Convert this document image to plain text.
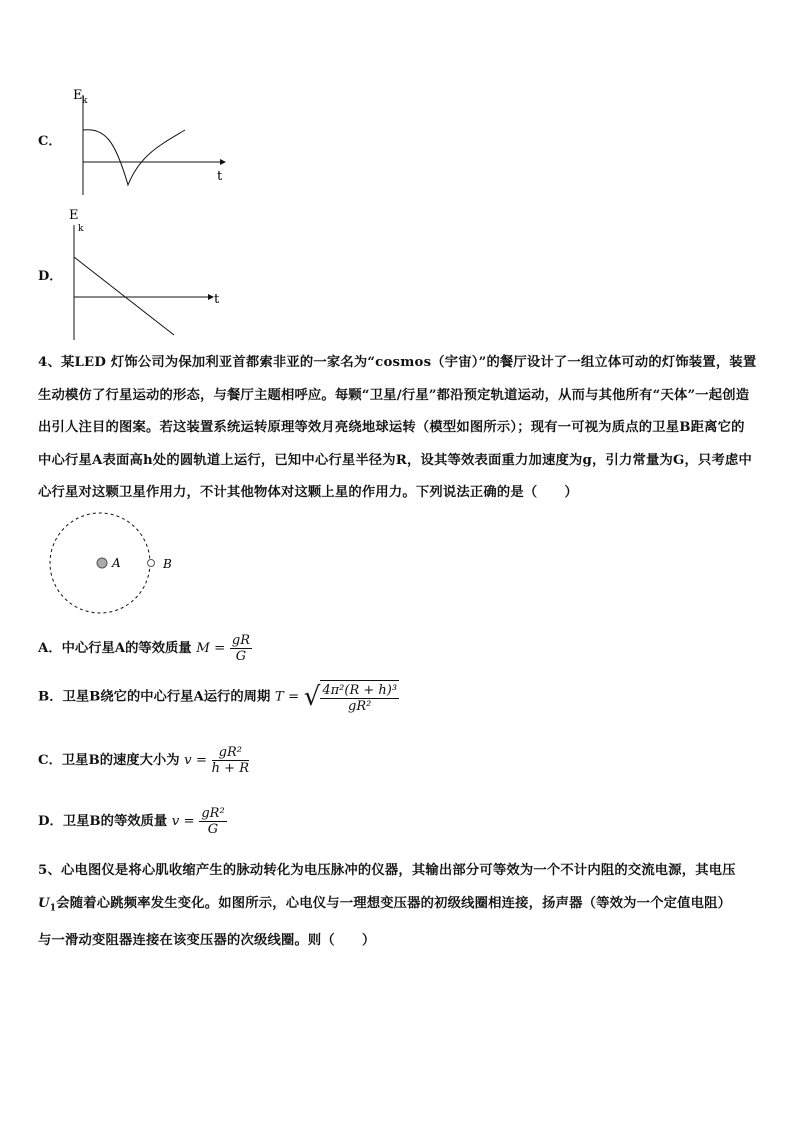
C．
E k
t
D．
E
k
t
4、某LED 灯饰公司为保加利亚首都索非亚的一家名为“cosmos（宇宙）”的餐厅设计了一组立体可动的灯饰装置，装置生动模仿了行星运动的形态，与餐厅主题相呼应。每颗“卫星/行星”都沿预定轨道运动，从而与其他所有“天体”一起创造出引人注目的图案。若这装置系统运转原理等效月亮绕地球运转（模型如图所示）；现有一可视为质点的卫星B距离它的中心行星A表面高h处的圆轨道上运行，已知中心行星半径为R，设其等效表面重力加速度为g，引力常量为G，只考虑中心行星对这颗卫星作用力，不计其他物体对这颗上星的作用力。下列说法正确的是（　　）
A	B
A．中心行星A的等效质量 $M = \frac{gR}{G}$
B．卫星B绕它的中心行星A运行的周期 T = √ $\frac{\text{4π²(R + h)³}}{\text{gR²}}$
C．卫星B的速度大小为 $v = \frac{\text{gR²}}{h + R}$
D．卫星B的等效质量 $v = \frac{\text{gR²}}{G}$
5、心电图仪是将心肌收缩产生的脉动转化为电压脉冲的仪器，其输出部分可等效为一个不计内阻的交流电源，其电压
$U_1$会随着心跳频率发生变化。如图所示，心电仪与一理想变压器的初级线圈相连接，扬声器（等效为一个定值电阻）
与一滑动变阻器连接在该变压器的次级线圈。则（　　）
